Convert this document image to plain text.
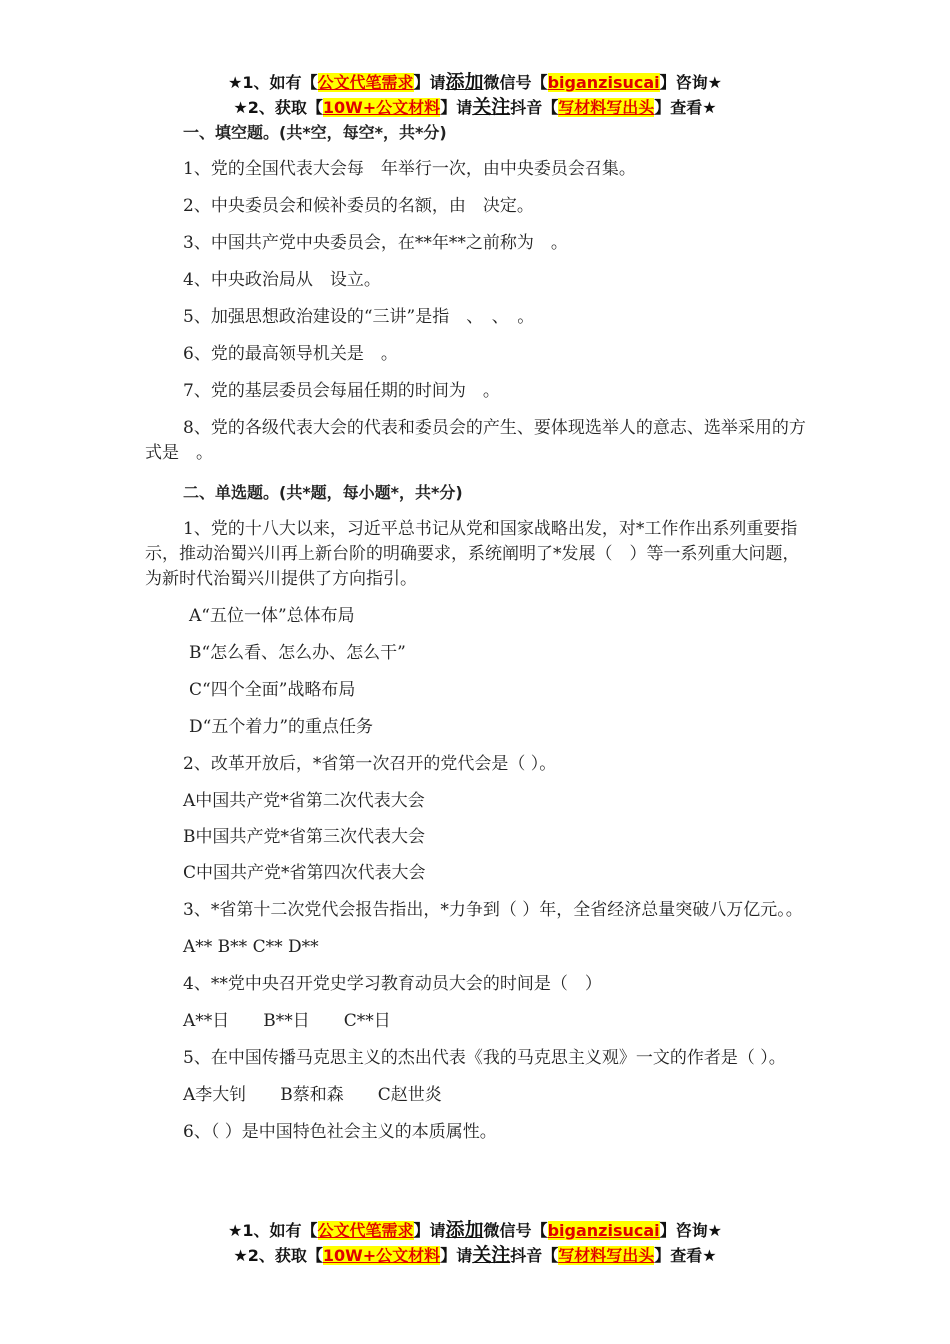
★1、如有【公文代笔需求】请添加微信号【biganzisucai】咨询★
★2、获取【10W+公文材料】请关注抖音【写材料写出头】查看★

一、填空题。(共*空，每空*，共*分)

1、党的全国代表大会每　年举行一次，由中央委员会召集。

2、中央委员会和候补委员的名额，由　决定。

3、中国共产党中央委员会，在**年**之前称为　。

4、中央政治局从　设立。

5、加强思想政治建设的“三讲”是指　、　、　。

6、党的最高领导机关是　。

7、党的基层委员会每届任期的时间为　。

8、党的各级代表大会的代表和委员会的产生、要体现选举人的意志、选举采用的方式是　。

二、单选题。(共*题，每小题*，共*分)

1、党的十八大以来，习近平总书记从党和国家战略出发，对*工作作出系列重要指示，推动治蜀兴川再上新台阶的明确要求，系统阐明了*发展（　）等一系列重大问题，为新时代治蜀兴川提供了方向指引。

A“五位一体”总体布局

B“怎么看、怎么办、怎么干”

C“四个全面”战略布局

D“五个着力”的重点任务

2、改革开放后，*省第一次召开的党代会是（ ）。

A中国共产党*省第二次代表大会

B中国共产党*省第三次代表大会

C中国共产党*省第四次代表大会

3、*省第十二次党代会报告指出，*力争到（ ）年，全省经济总量突破八万亿元。。

A** B** C** D**

4、**党中央召开党史学习教育动员大会的时间是（　）

A**日　　B**日　　C**日

5、在中国传播马克思主义的杰出代表《我的马克思主义观》一文的作者是（ ）。

A李大钊　　B蔡和森　　C赵世炎

6、（ ）是中国特色社会主义的本质属性。

★1、如有【公文代笔需求】请添加微信号【biganzisucai】咨询★
★2、获取【10W+公文材料】请关注抖音【写材料写出头】查看★
